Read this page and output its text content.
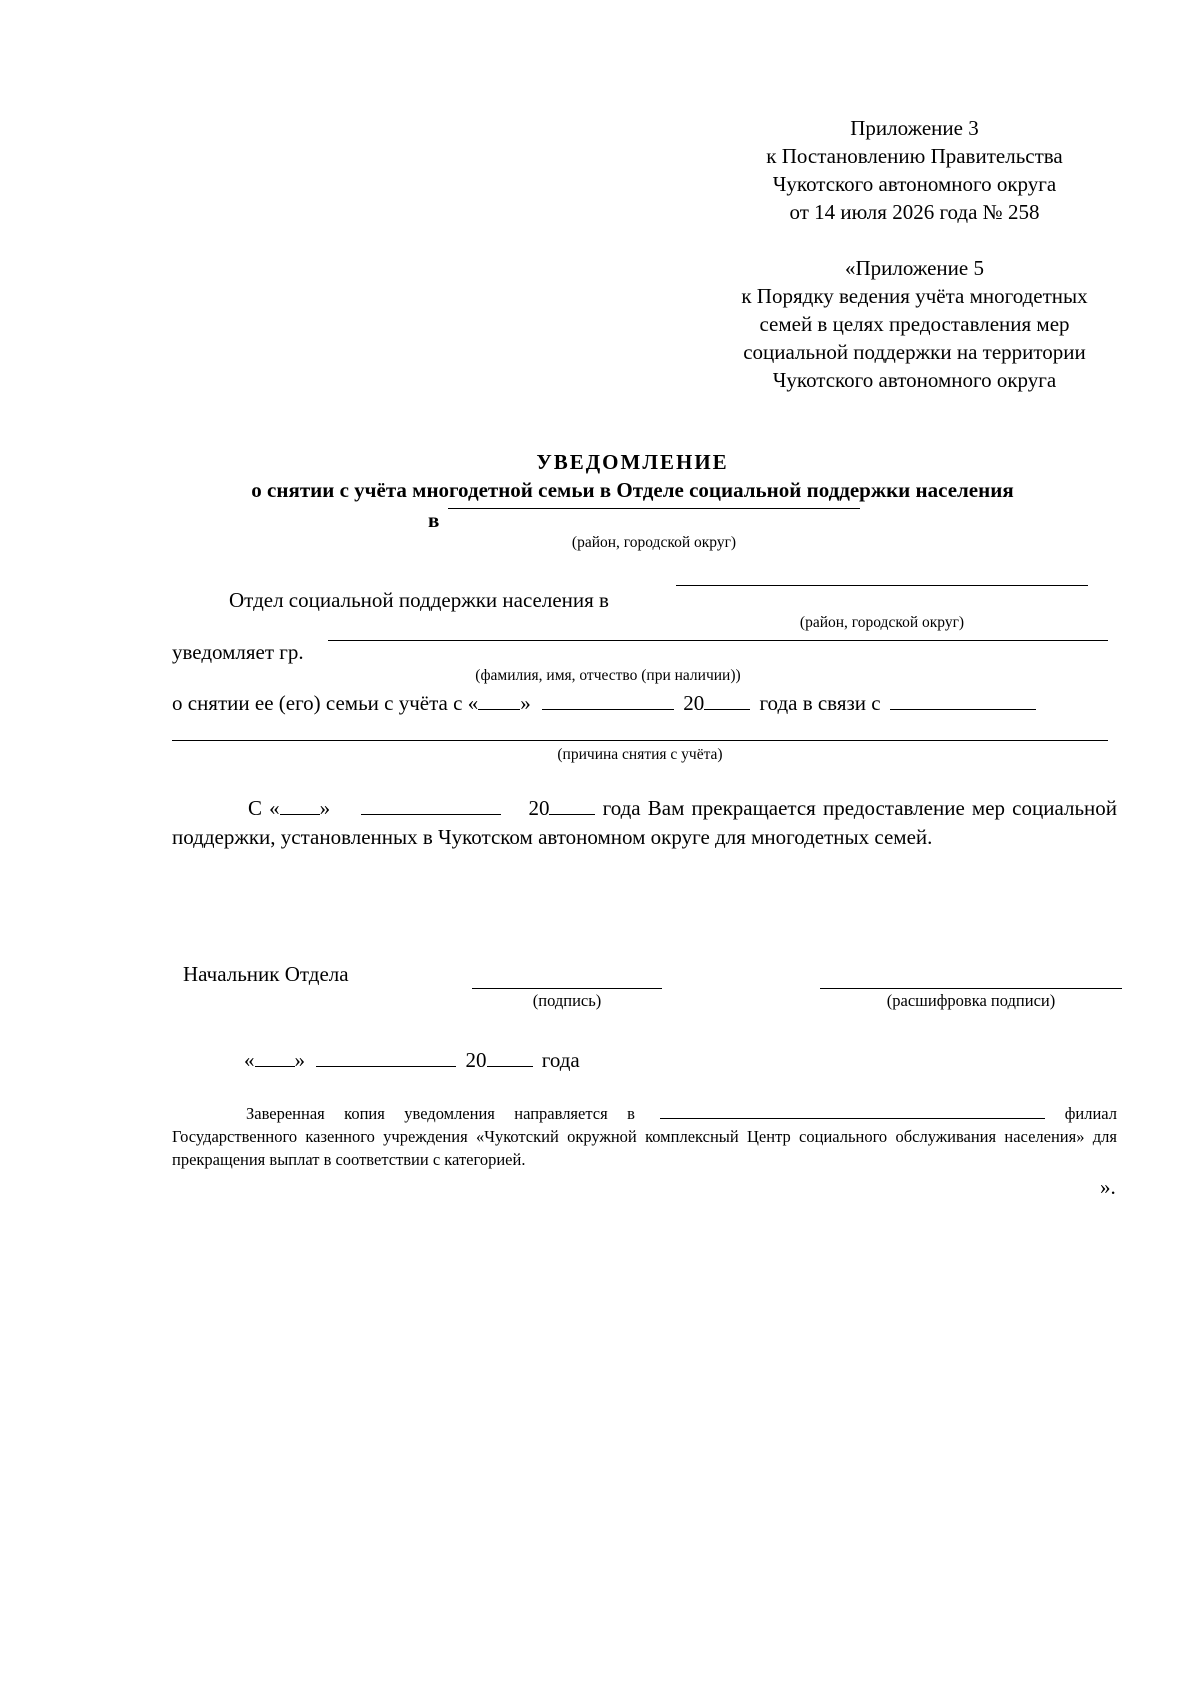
Приложение 3
к Постановлению Правительства
Чукотского автономного округа
от 14 июля 2026 года № 258
«Приложение 5
к Порядку ведения учёта многодетных
семей в целях предоставления мер
социальной поддержки на территории
Чукотского автономного округа
УВЕДОМЛЕНИЕ
о снятии с учёта многодетной семьи в Отделе социальной поддержки населения
в
(район, городской округ)
Отдел социальной поддержки населения в
(район, городской округ)
уведомляет гр.
(фамилия, имя, отчество (при наличии))
о снятии ее (его) семьи с учёта с « »	20	года в связи с
(причина снятия с учёта)
С « »	20	года Вам прекращается предоставление мер социальной поддержки, установленных в Чукотском автономном округе для многодетных семей.
Начальник Отдела
(подпись)	(расшифровка подписи)
« »	20	года
Заверенная копия уведомления направляется в	филиал Государственного казенного учреждения «Чукотский окружной комплексный Центр социального обслуживания населения» для прекращения выплат в соответствии с категорией.
».
